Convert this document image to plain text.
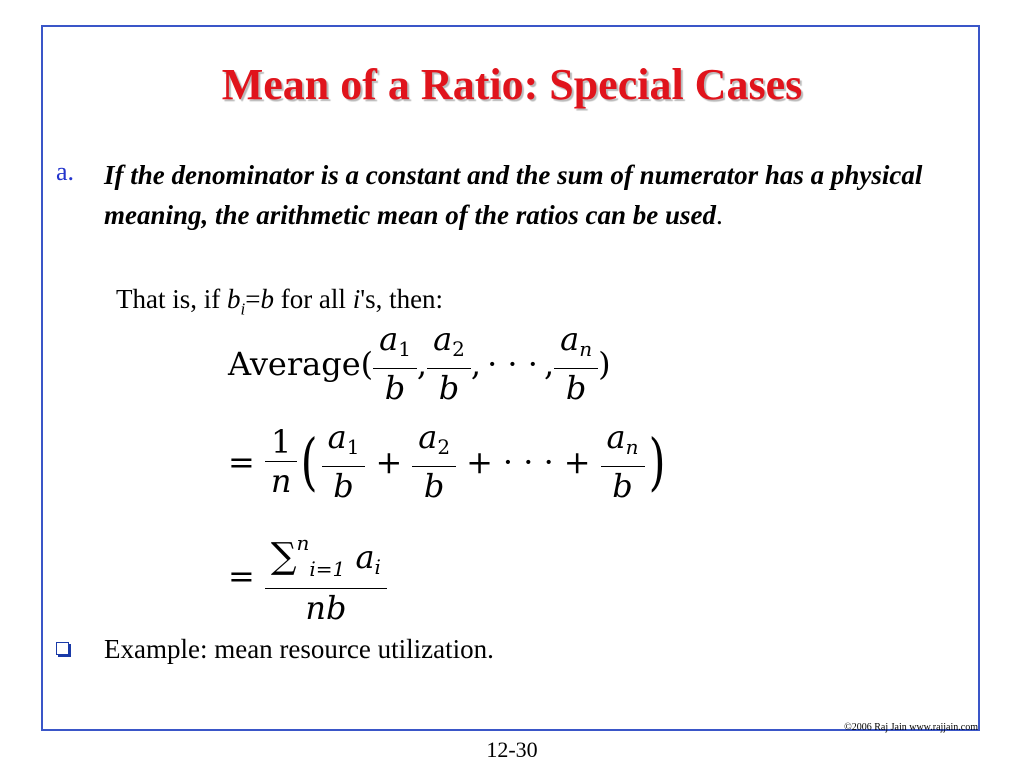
Mean of a Ratio: Special Cases
a. If the denominator is a constant and the sum of numerator has a physical meaning, the arithmetic mean of the ratios can be used.
That is, if $b_i=b$ for all i's, then:
Average( $\frac{a_1}{b}$ , $\frac{a_2}{b}$ , · · · , $\frac{a_n}{b}$ )
= $\frac{1}{n}$ ( $\frac{a_1}{b} + \frac{a_2}{b}$ + · · · + $\frac{a_n}{b}$ )
= $\frac{\sum^n_{i=1} a_i}{nb}$
Example: mean resource utilization.
©2006 Raj Jain www.rajjain.com
12-30
